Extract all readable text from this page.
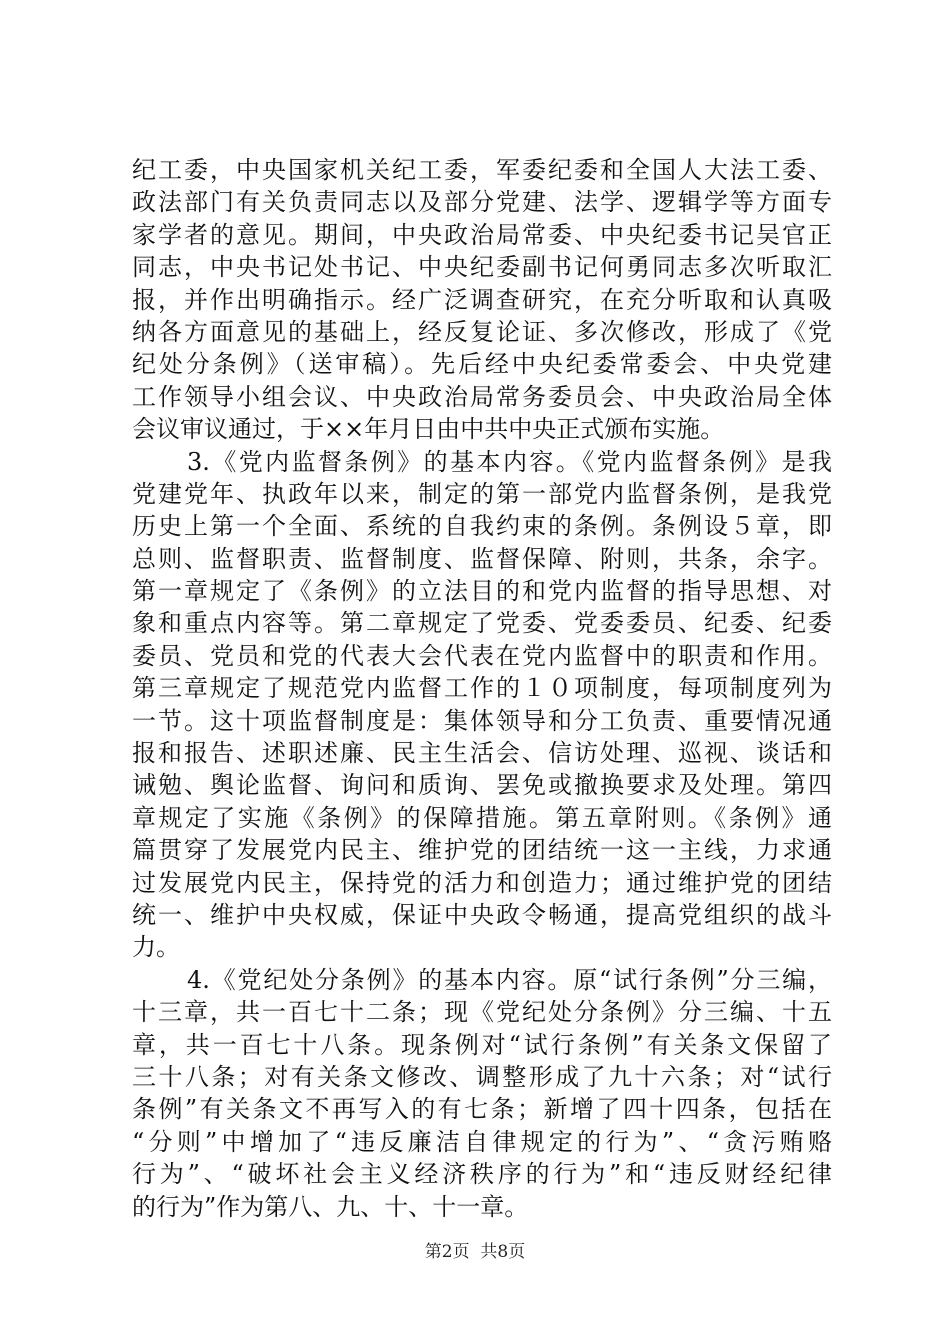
纪工委，中央国家机关纪工委，军委纪委和全国人大法工委、
政法部门有关负责同志以及部分党建、法学、逻辑学等方面专
家学者的意见。期间，中央政治局常委、中央纪委书记吴官正
同志，中央书记处书记、中央纪委副书记何勇同志多次听取汇
报，并作出明确指示。经广泛调查研究，在充分听取和认真吸
纳各方面意见的基础上，经反复论证、多次修改，形成了《党
纪处分条例》（送审稿）。先后经中央纪委常委会、中央党建
工作领导小组会议、中央政治局常务委员会、中央政治局全体
会议审议通过，于××年月日由中共中央正式颁布实施。
3.《党内监督条例》的基本内容。《党内监督条例》是我
党建党年、执政年以来，制定的第一部党内监督条例，是我党
历史上第一个全面、系统的自我约束的条例。条例设５章，即
总则、监督职责、监督制度、监督保障、附则，共条，余字。
第一章规定了《条例》的立法目的和党内监督的指导思想、对
象和重点内容等。第二章规定了党委、党委委员、纪委、纪委
委员、党员和党的代表大会代表在党内监督中的职责和作用。
第三章规定了规范党内监督工作的１０项制度，每项制度列为
一节。这十项监督制度是：集体领导和分工负责、重要情况通
报和报告、述职述廉、民主生活会、信访处理、巡视、谈话和
诫勉、舆论监督、询问和质询、罢免或撤换要求及处理。第四
章规定了实施《条例》的保障措施。第五章附则。《条例》通
篇贯穿了发展党内民主、维护党的团结统一这一主线，力求通
过发展党内民主，保持党的活力和创造力；通过维护党的团结
统一、维护中央权威，保证中央政令畅通，提高党组织的战斗
力。
4.《党纪处分条例》的基本内容。原“试行条例”分三编，
十三章，共一百七十二条；现《党纪处分条例》分三编、十五
章，共一百七十八条。现条例对“试行条例”有关条文保留了
三十八条；对有关条文修改、调整形成了九十六条；对“试行
条例”有关条文不再写入的有七条；新增了四十四条，包括在
“分则”中增加了“违反廉洁自律规定的行为”、“贪污贿赂
行为”、“破坏社会主义经济秩序的行为”和“违反财经纪律
的行为”作为第八、九、十、十一章。
第2页  共8页
